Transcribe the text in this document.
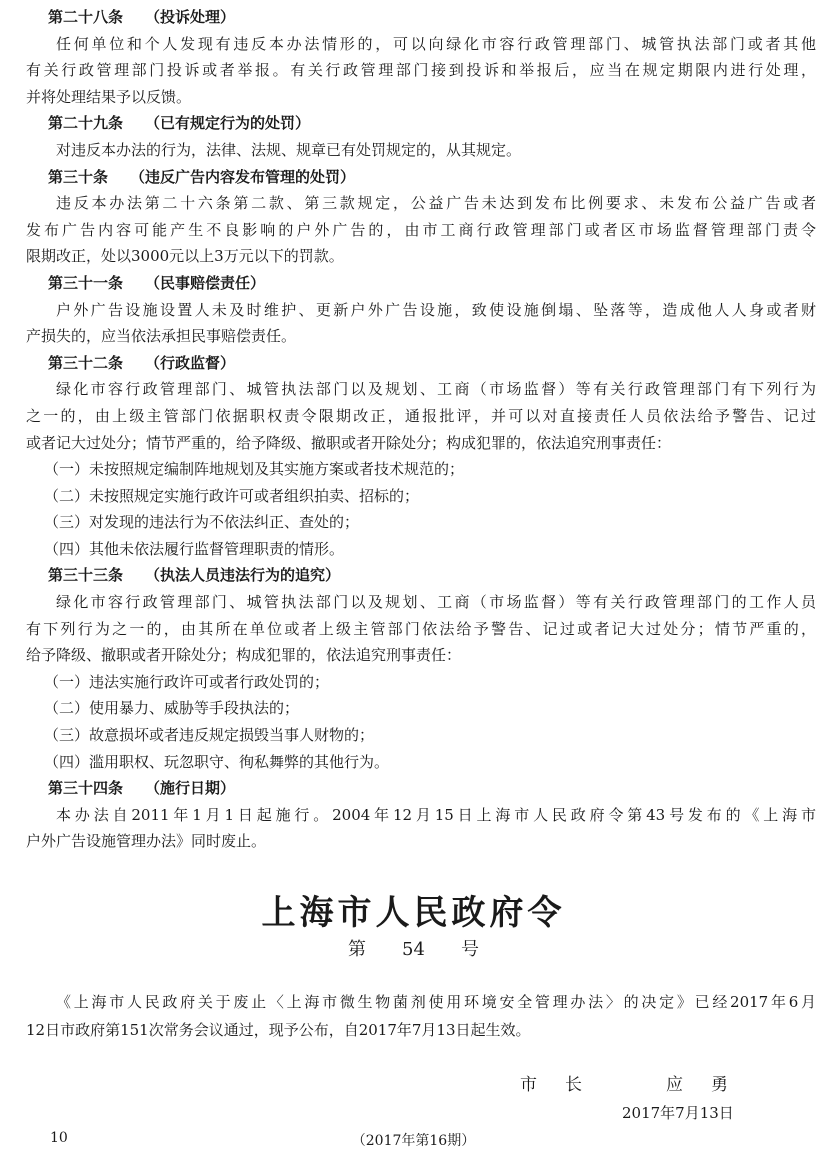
第二十八条 （投诉处理）
任何单位和个人发现有违反本办法情形的，可以向绿化市容行政管理部门、城管执法部门或者其他
有关行政管理部门投诉或者举报。有关行政管理部门接到投诉和举报后，应当在规定期限内进行处理，
并将处理结果予以反馈。
第二十九条 （已有规定行为的处罚）
对违反本办法的行为，法律、法规、规章已有处罚规定的，从其规定。
第三十条 （违反广告内容发布管理的处罚）
违反本办法第二十六条第二款、第三款规定，公益广告未达到发布比例要求、未发布公益广告或者
发布广告内容可能产生不良影响的户外广告的，由市工商行政管理部门或者区市场监督管理部门责令
限期改正，处以3000元以上3万元以下的罚款。
第三十一条 （民事赔偿责任）
户外广告设施设置人未及时维护、更新户外广告设施，致使设施倒塌、坠落等，造成他人人身或者财
产损失的，应当依法承担民事赔偿责任。
第三十二条 （行政监督）
绿化市容行政管理部门、城管执法部门以及规划、工商（市场监督）等有关行政管理部门有下列行为
之一的，由上级主管部门依据职权责令限期改正，通报批评，并可以对直接责任人员依法给予警告、记过
或者记大过处分；情节严重的，给予降级、撤职或者开除处分；构成犯罪的，依法追究刑事责任：
（一）未按照规定编制阵地规划及其实施方案或者技术规范的；
（二）未按照规定实施行政许可或者组织拍卖、招标的；
（三）对发现的违法行为不依法纠正、查处的；
（四）其他未依法履行监督管理职责的情形。
第三十三条 （执法人员违法行为的追究）
绿化市容行政管理部门、城管执法部门以及规划、工商（市场监督）等有关行政管理部门的工作人员
有下列行为之一的，由其所在单位或者上级主管部门依法给予警告、记过或者记大过处分；情节严重的，
给予降级、撤职或者开除处分；构成犯罪的，依法追究刑事责任：
（一）违法实施行政许可或者行政处罚的；
（二）使用暴力、威胁等手段执法的；
（三）故意损坏或者违反规定损毁当事人财物的；
（四）滥用职权、玩忽职守、徇私舞弊的其他行为。
第三十四条 （施行日期）
本办法自2011年1月1日起施行。2004年12月15日上海市人民政府令第43号发布的《上海市
户外广告设施管理办法》同时废止。
上海市人民政府令
第 54 号
《上海市人民政府关于废止〈上海市微生物菌剂使用环境安全管理办法〉的决定》已经2017年6月
12日市政府第151次常务会议通过，现予公布，自2017年7月13日起生效。
市长	应勇
2017年7月13日
10	（2017年第16期）
